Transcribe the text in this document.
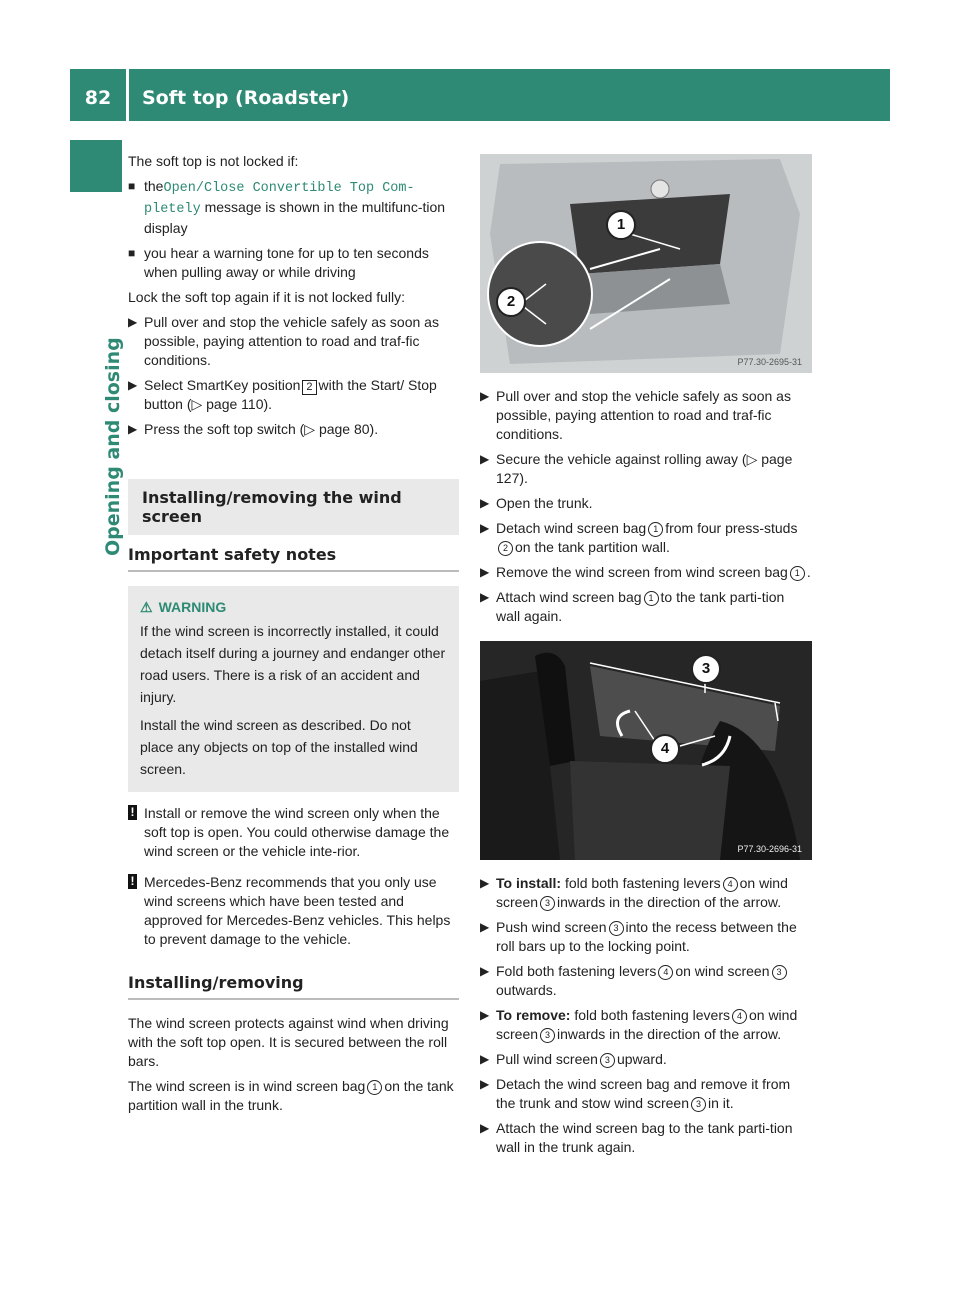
82	Soft top (Roadster)
Opening and closing

The soft top is not locked if:

■ theOpen/Close Convertible Top Com‐pletely message is shown in the multifunc‐tion display
■ you hear a warning tone for up to ten seconds when pulling away or while driving

Lock the soft top again if it is not locked fully:

▶ Pull over and stop the vehicle safely as soon as possible, paying attention to road and traf‐fic conditions.
▶ Select SmartKey position 2 with the Start/ Stop button (▷ page 110).
▶ Press the soft top switch (▷ page 80).
Installing/removing the wind screen
Important safety notes
⚠ WARNING

If the wind screen is incorrectly installed, it could detach itself during a journey and endanger other road users. There is a risk of an accident and injury.

Install the wind screen as described. Do not place any objects on top of the installed wind screen.

! Install or remove the wind screen only when the soft top is open. You could otherwise damage the wind screen or the vehicle inte‐rior.
! Mercedes-Benz recommends that you only use wind screens which have been tested and approved for Mercedes-Benz vehicles. This helps to prevent damage to the vehicle.
Installing/removing

The wind screen protects against wind when driving with the soft top open. It is secured between the roll bars.

The wind screen is in wind screen bag 1 on the tank partition wall in the trunk.

1
2
P77.30-2695-31
▶ Pull over and stop the vehicle safely as soon as possible, paying attention to road and traf‐fic conditions.
▶ Secure the vehicle against rolling away (▷ page 127).
▶ Open the trunk.
▶ Detach wind screen bag 1 from four press-studs2 on the tank partition wall.
▶ Remove the wind screen from wind screen bag 1 .
▶ Attach wind screen bag 1 to the tank parti‐tion wall again.
3
4
P77.30-2696-31
▶ To install: fold both fastening levers 4 on wind screen 3 inwards in the direction of the arrow.
▶ Push wind screen 3 into the recess between the roll bars up to the locking point.
▶ Fold both fastening levers 4 on wind screen 3outwards.
▶ To remove: fold both fastening levers 4 on wind screen 3 inwards in the direction of the arrow.
▶ Pull wind screen 3 upward.
▶ Detach the wind screen bag and remove it from the trunk and stow wind screen 3 in it.
▶ Attach the wind screen bag to the tank parti‐tion wall in the trunk again.
